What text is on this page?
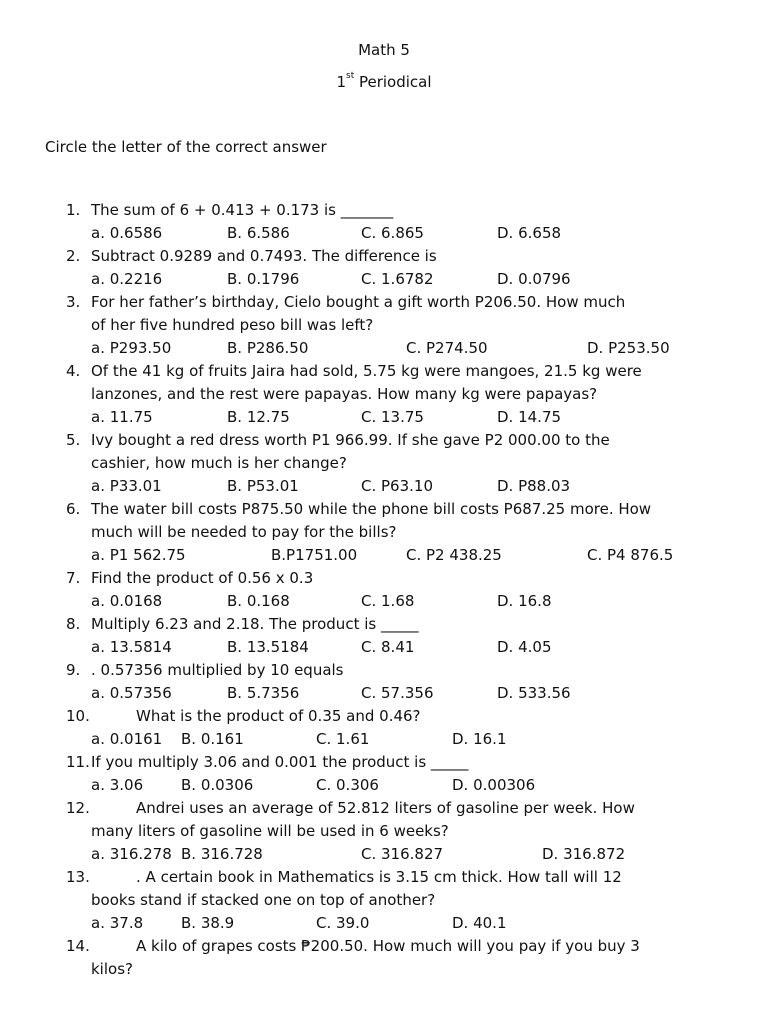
Math 5
1st Periodical
Circle the letter of the correct answer
1. The sum of 6 + 0.413 + 0.173 is _______
a. 0.6586	B. 6.586	C. 6.865	D. 6.658
2. Subtract 0.9289 and 0.7493. The difference is
a. 0.2216	B. 0.1796	C. 1.6782	D. 0.0796
3. For her father’s birthday, Cielo bought a gift worth P206.50. How much
of her five hundred peso bill was left?
a. P293.50	B. P286.50	C. P274.50	D. P253.50
4. Of the 41 kg of fruits Jaira had sold, 5.75 kg were mangoes, 21.5 kg were
lanzones, and the rest were papayas. How many kg were papayas?
a. 11.75	B. 12.75	C. 13.75	D. 14.75
5. Ivy bought a red dress worth P1 966.99. If she gave P2 000.00 to the
cashier, how much is her change?
a. P33.01	B. P53.01	C. P63.10	D. P88.03
6. The water bill costs P875.50 while the phone bill costs P687.25 more. How
much will be needed to pay for the bills?
a. P1 562.75	B.P1751.00	C. P2 438.25	C. P4 876.5
7. Find the product of 0.56 x 0.3
a. 0.0168	B. 0.168	C. 1.68	D. 16.8
8. Multiply 6.23 and 2.18. The product is _____
a. 13.5814	B. 13.5184	C. 8.41	D. 4.05
9. . 0.57356 multiplied by 10 equals
a. 0.57356	B. 5.7356	C. 57.356	D. 533.56
10.	What is the product of 0.35 and 0.46?
a. 0.0161 B. 0.161	C. 1.61	D. 16.1
11. If you multiply 3.06 and 0.001 the product is _____
a. 3.06	B. 0.0306	C. 0.306	D. 0.00306
12.	Andrei uses an average of 52.812 liters of gasoline per week. How
many liters of gasoline will be used in 6 weeks?
a. 316.278 B. 316.728	C. 316.827	D. 316.872
13.	. A certain book in Mathematics is 3.15 cm thick. How tall will 12
books stand if stacked one on top of another?
a. 37.8	B. 38.9	C. 39.0	D. 40.1
14.	A kilo of grapes costs ₱200.50. How much will you pay if you buy 3
kilos?
